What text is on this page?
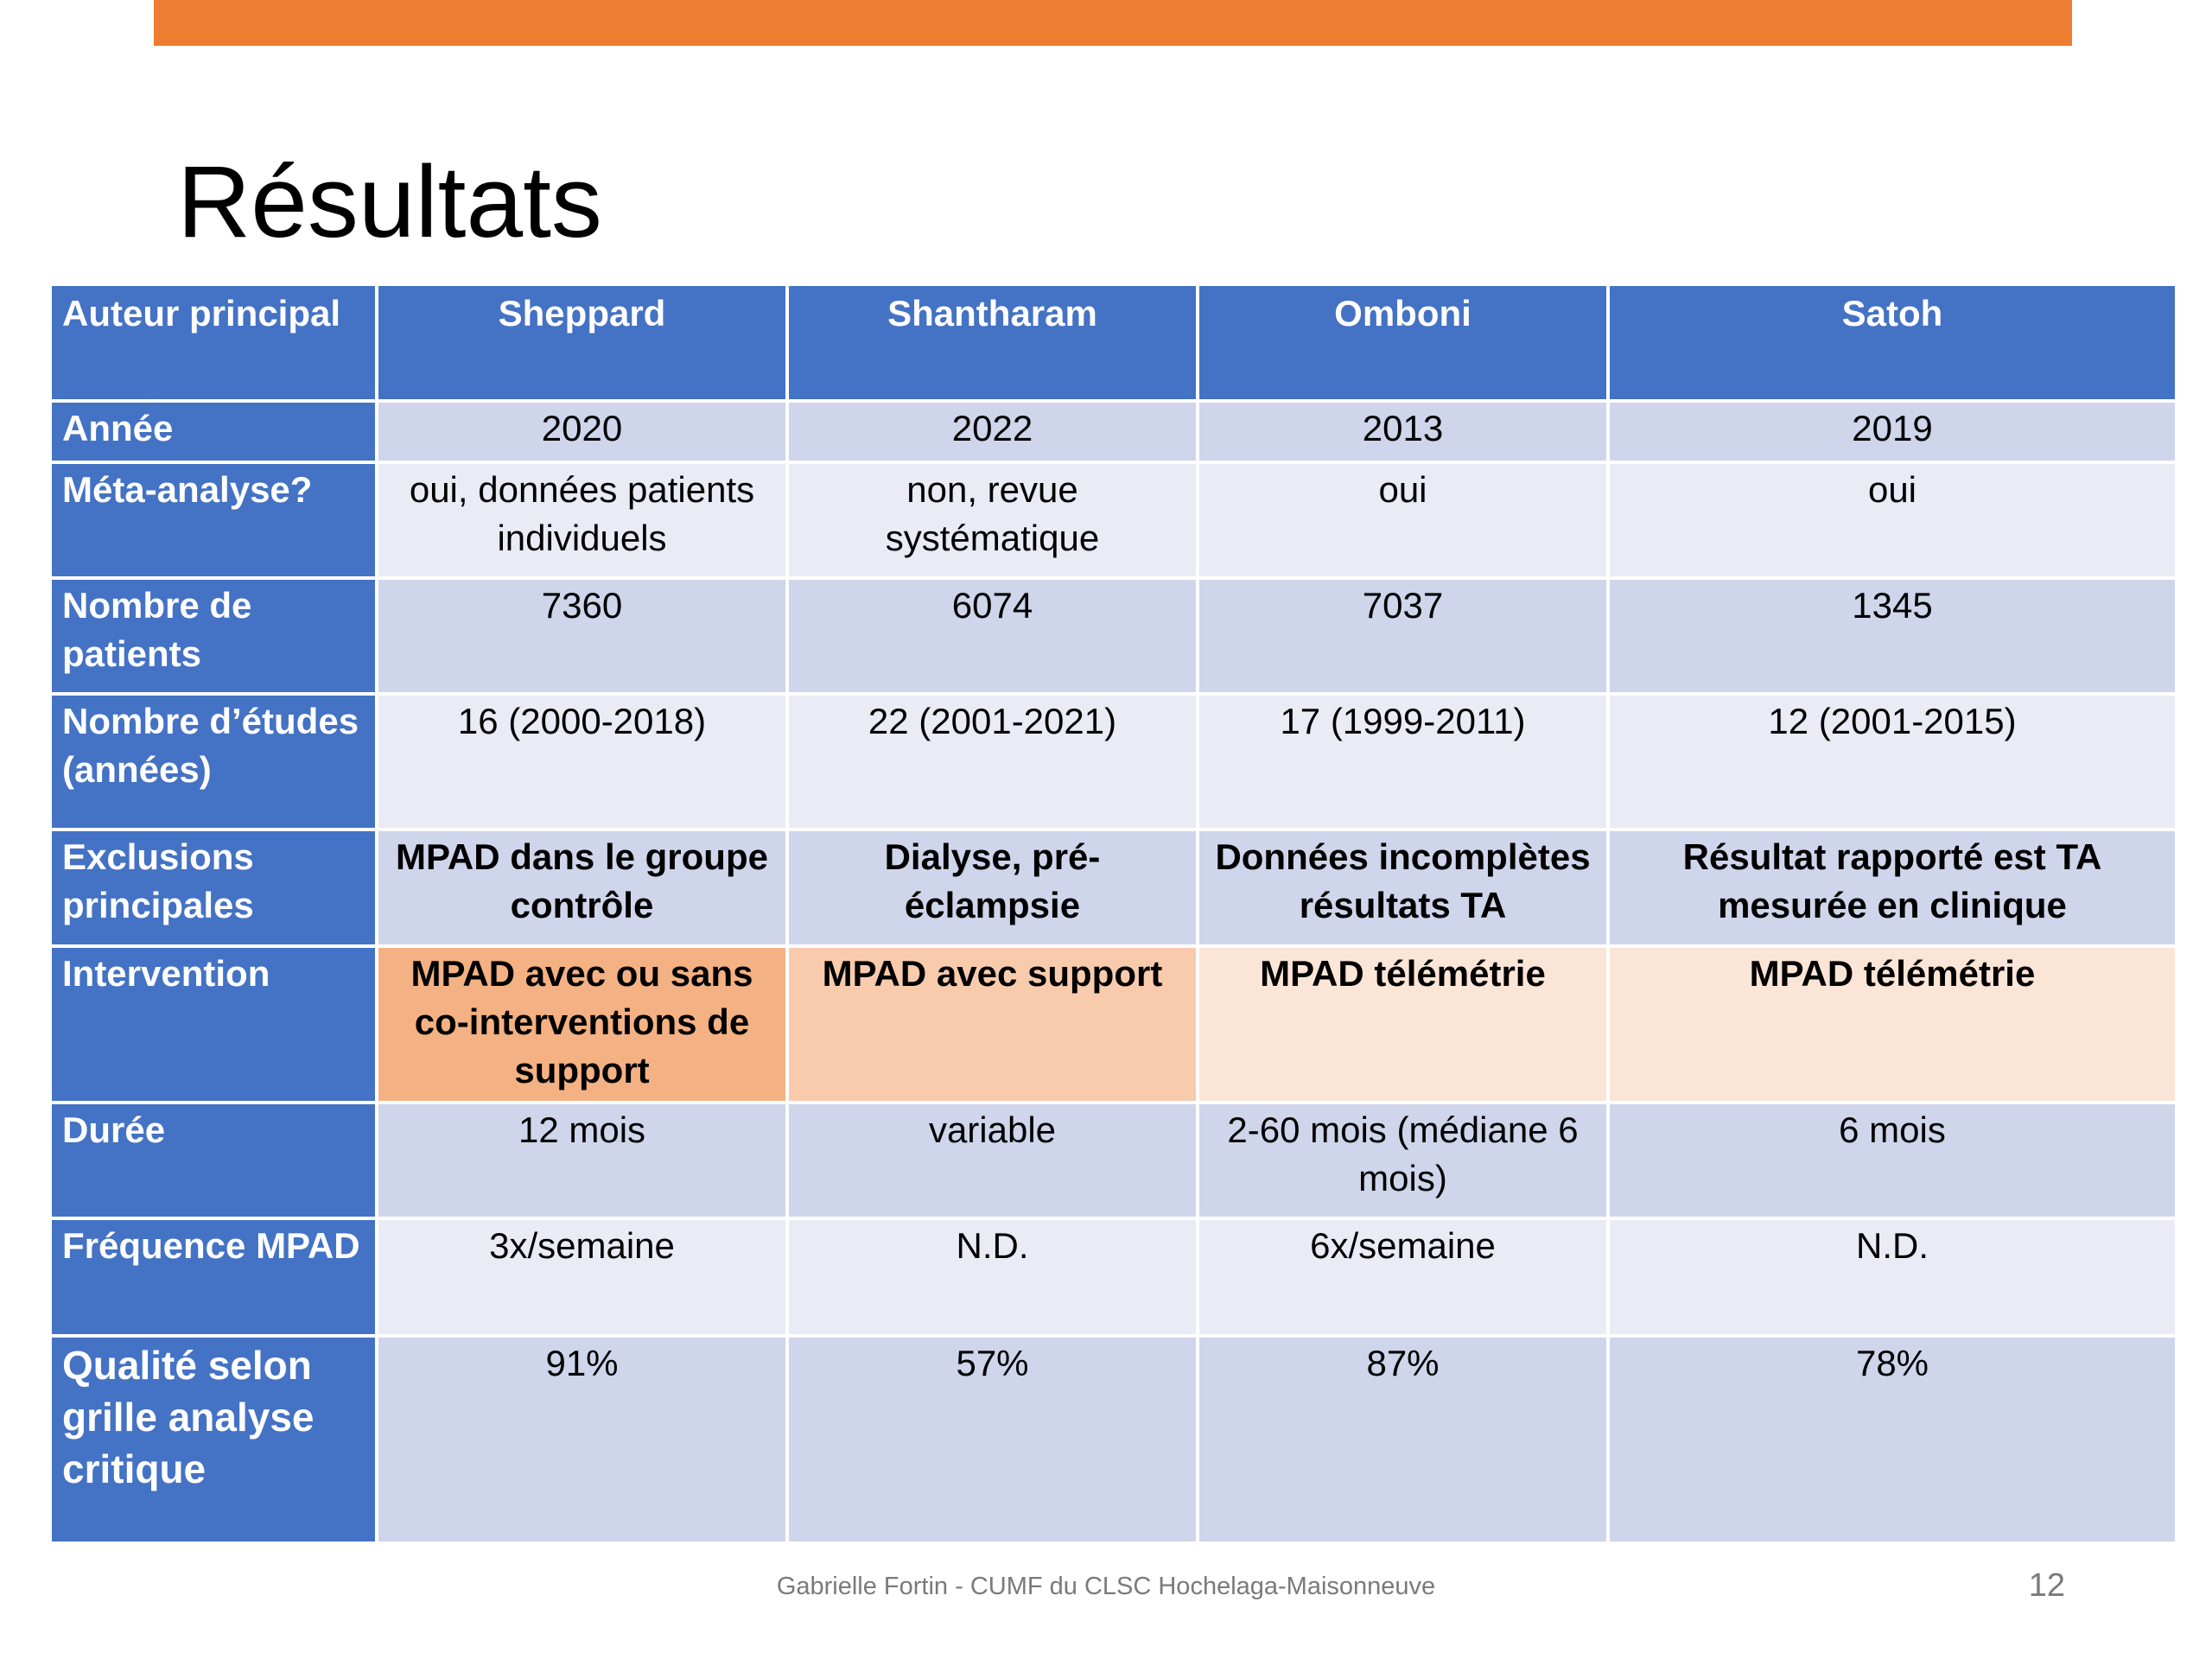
Résultats
Auteur principal	Sheppard	Shantharam	Omboni	Satoh
Année	2020	2022	2013	2019
Méta-analyse?	oui, données patients individuels	non, revue systématique	oui	oui
Nombre de patients	7360	6074	7037	1345
Nombre d’études (années)	16 (2000-2018)	22 (2001-2021)	17 (1999-2011)	12 (2001-2015)
Exclusions principales	MPAD dans le groupe contrôle	Dialyse, pré-éclampsie	Données incomplètes résultats TA	Résultat rapporté est TA mesurée en clinique
Intervention	MPAD avec ou sans co-interventions de support	MPAD avec support	MPAD télémétrie	MPAD télémétrie
Durée	12 mois	variable	2-60 mois (médiane 6 mois)	6 mois
Fréquence MPAD	3x/semaine	N.D.	6x/semaine	N.D.
Qualité selon grille analyse critique	91%	57%	87%	78%
Gabrielle Fortin - CUMF du CLSC Hochelaga-Maisonneuve	12
